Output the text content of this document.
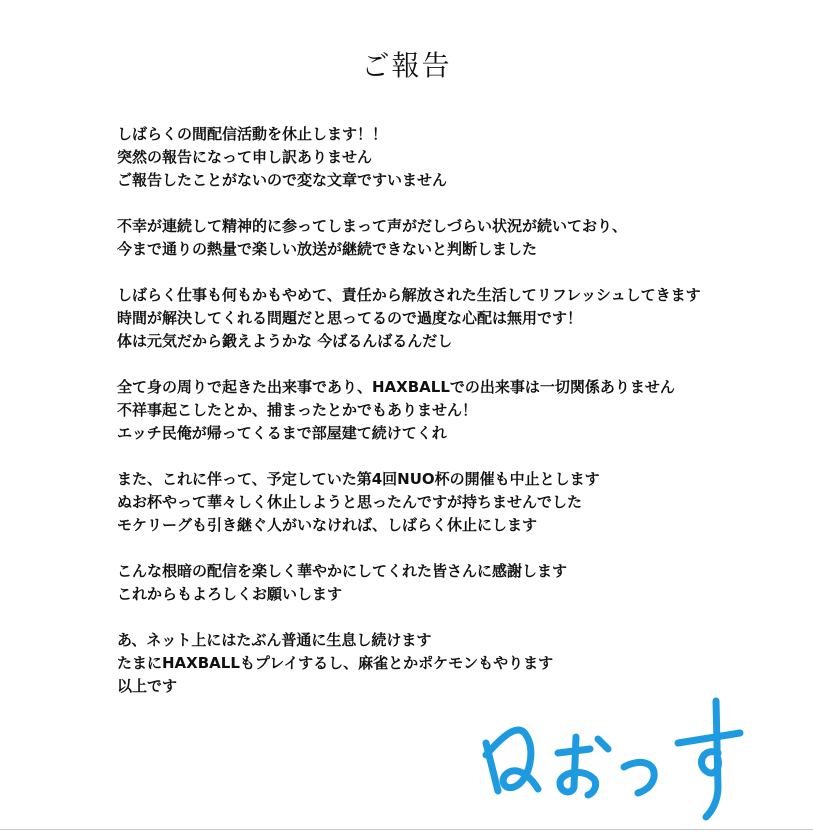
ご報告
しばらくの間配信活動を休止します！！
突然の報告になって申し訳ありません
ご報告したことがないので変な文章ですいません
不幸が連続して精神的に参ってしまって声がだしづらい状況が続いており、
今まで通りの熱量で楽しい放送が継続できないと判断しました
しばらく仕事も何もかもやめて、責任から解放された生活してリフレッシュしてきます
時間が解決してくれる問題だと思ってるので過度な心配は無用です！
体は元気だから鍛えようかな 今ばるんばるんだし
全て身の周りで起きた出来事であり、HAXBALLでの出来事は一切関係ありません
不祥事起こしたとか、捕まったとかでもありません！
エッチ民俺が帰ってくるまで部屋建て続けてくれ
また、これに伴って、予定していた第4回NUO杯の開催も中止とします
ぬお杯やって華々しく休止しようと思ったんですが持ちませんでした
モケリーグも引き継ぐ人がいなければ、しばらく休止にします
こんな根暗の配信を楽しく華やかにしてくれた皆さんに感謝します
これからもよろしくお願いします
あ、ネット上にはたぶん普通に生息し続けます
たまにHAXBALLもプレイするし、麻雀とかポケモンもやります
以上です
